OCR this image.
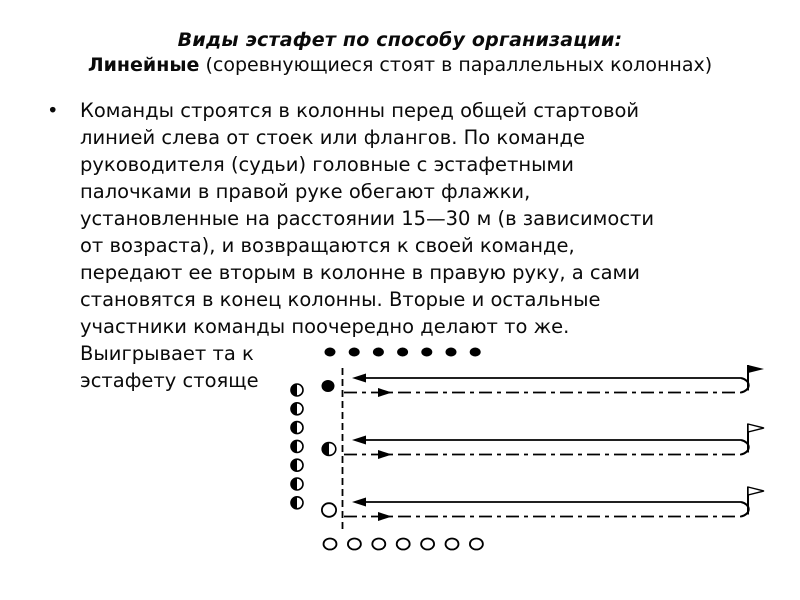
Виды эстафет по способу организации:
Линейные (соревнующиеся стоят в параллельных колоннах)
•	Команды строятся в колонны перед общей стартовой
линией слева от стоек или флангов. По команде
руководителя (судьи) головные с эстафетными
палочками в правой руке обегают флажки,
установленные на расстоянии 15—30 м (в зависимости
от возраста), и возвращаются к своей команде,
передают ее вторым в колонне в правую руку, а сами
становятся в конец колонны. Вторые и остальные
участники команды поочередно делают то же.
Выигрывает та к
эстафету стояще
